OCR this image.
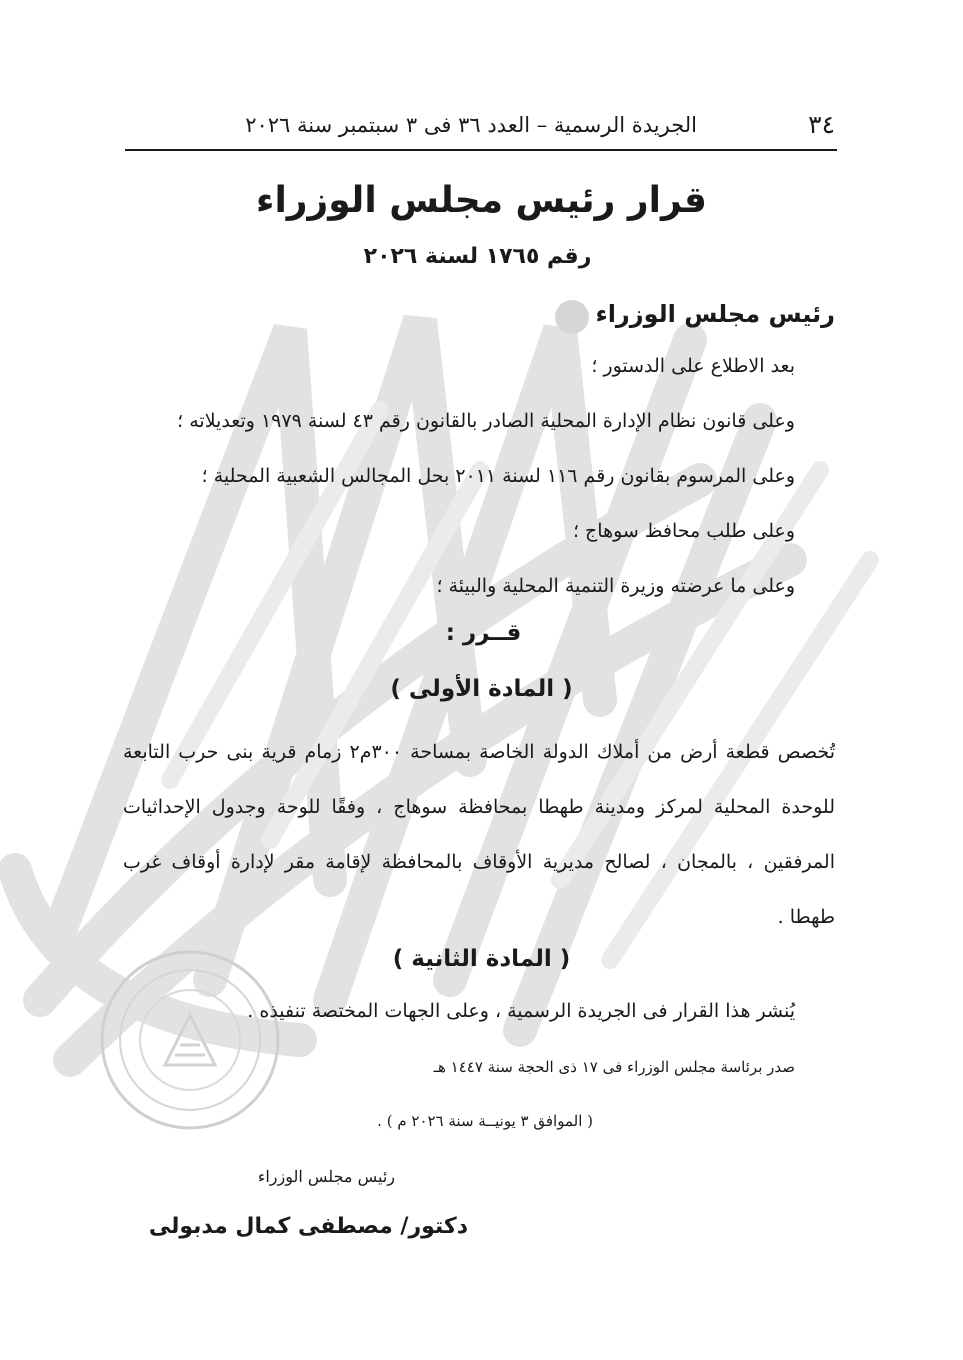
٣٤
الجريدة الرسمية – العدد ٣٦ فى ٣ سبتمبر سنة ٢٠٢٦
قرار رئيس مجلس الوزراء
رقم ١٧٦٥ لسنة ٢٠٢٦
رئيس مجلس الوزراء
بعد الاطلاع على الدستور ؛
وعلى قانون نظام الإدارة المحلية الصادر بالقانون رقم ٤٣ لسنة ١٩٧٩ وتعديلاته ؛
وعلى المرسوم بقانون رقم ١١٦ لسنة ٢٠١١ بحل المجالس الشعبية المحلية ؛
وعلى طلب محافظ سوهاج ؛
وعلى ما عرضته وزيرة التنمية المحلية والبيئة ؛
قــرر :
( المادة الأولى )
تُخصص قطعة أرض من أملاك الدولة الخاصة بمساحة ٣٠٠م٢ زمام قرية بنى حرب التابعة للوحدة المحلية لمركز ومدينة طهطا بمحافظة سوهاج ، وفقًا للوحة وجدول الإحداثيات المرفقين ، بالمجان ، لصالح مديرية الأوقاف بالمحافظة لإقامة مقر لإدارة أوقاف غرب طهطا .
( المادة الثانية )
يُنشر هذا القرار فى الجريدة الرسمية ، وعلى الجهات المختصة تنفيذه .
صدر برئاسة مجلس الوزراء فى ١٧ ذى الحجة سنة ١٤٤٧ هـ
( الموافق ٣ يونيــة سنة ٢٠٢٦ م ) .
رئيس مجلس الوزراء
دكتور/ مصطفى كمال مدبولى
